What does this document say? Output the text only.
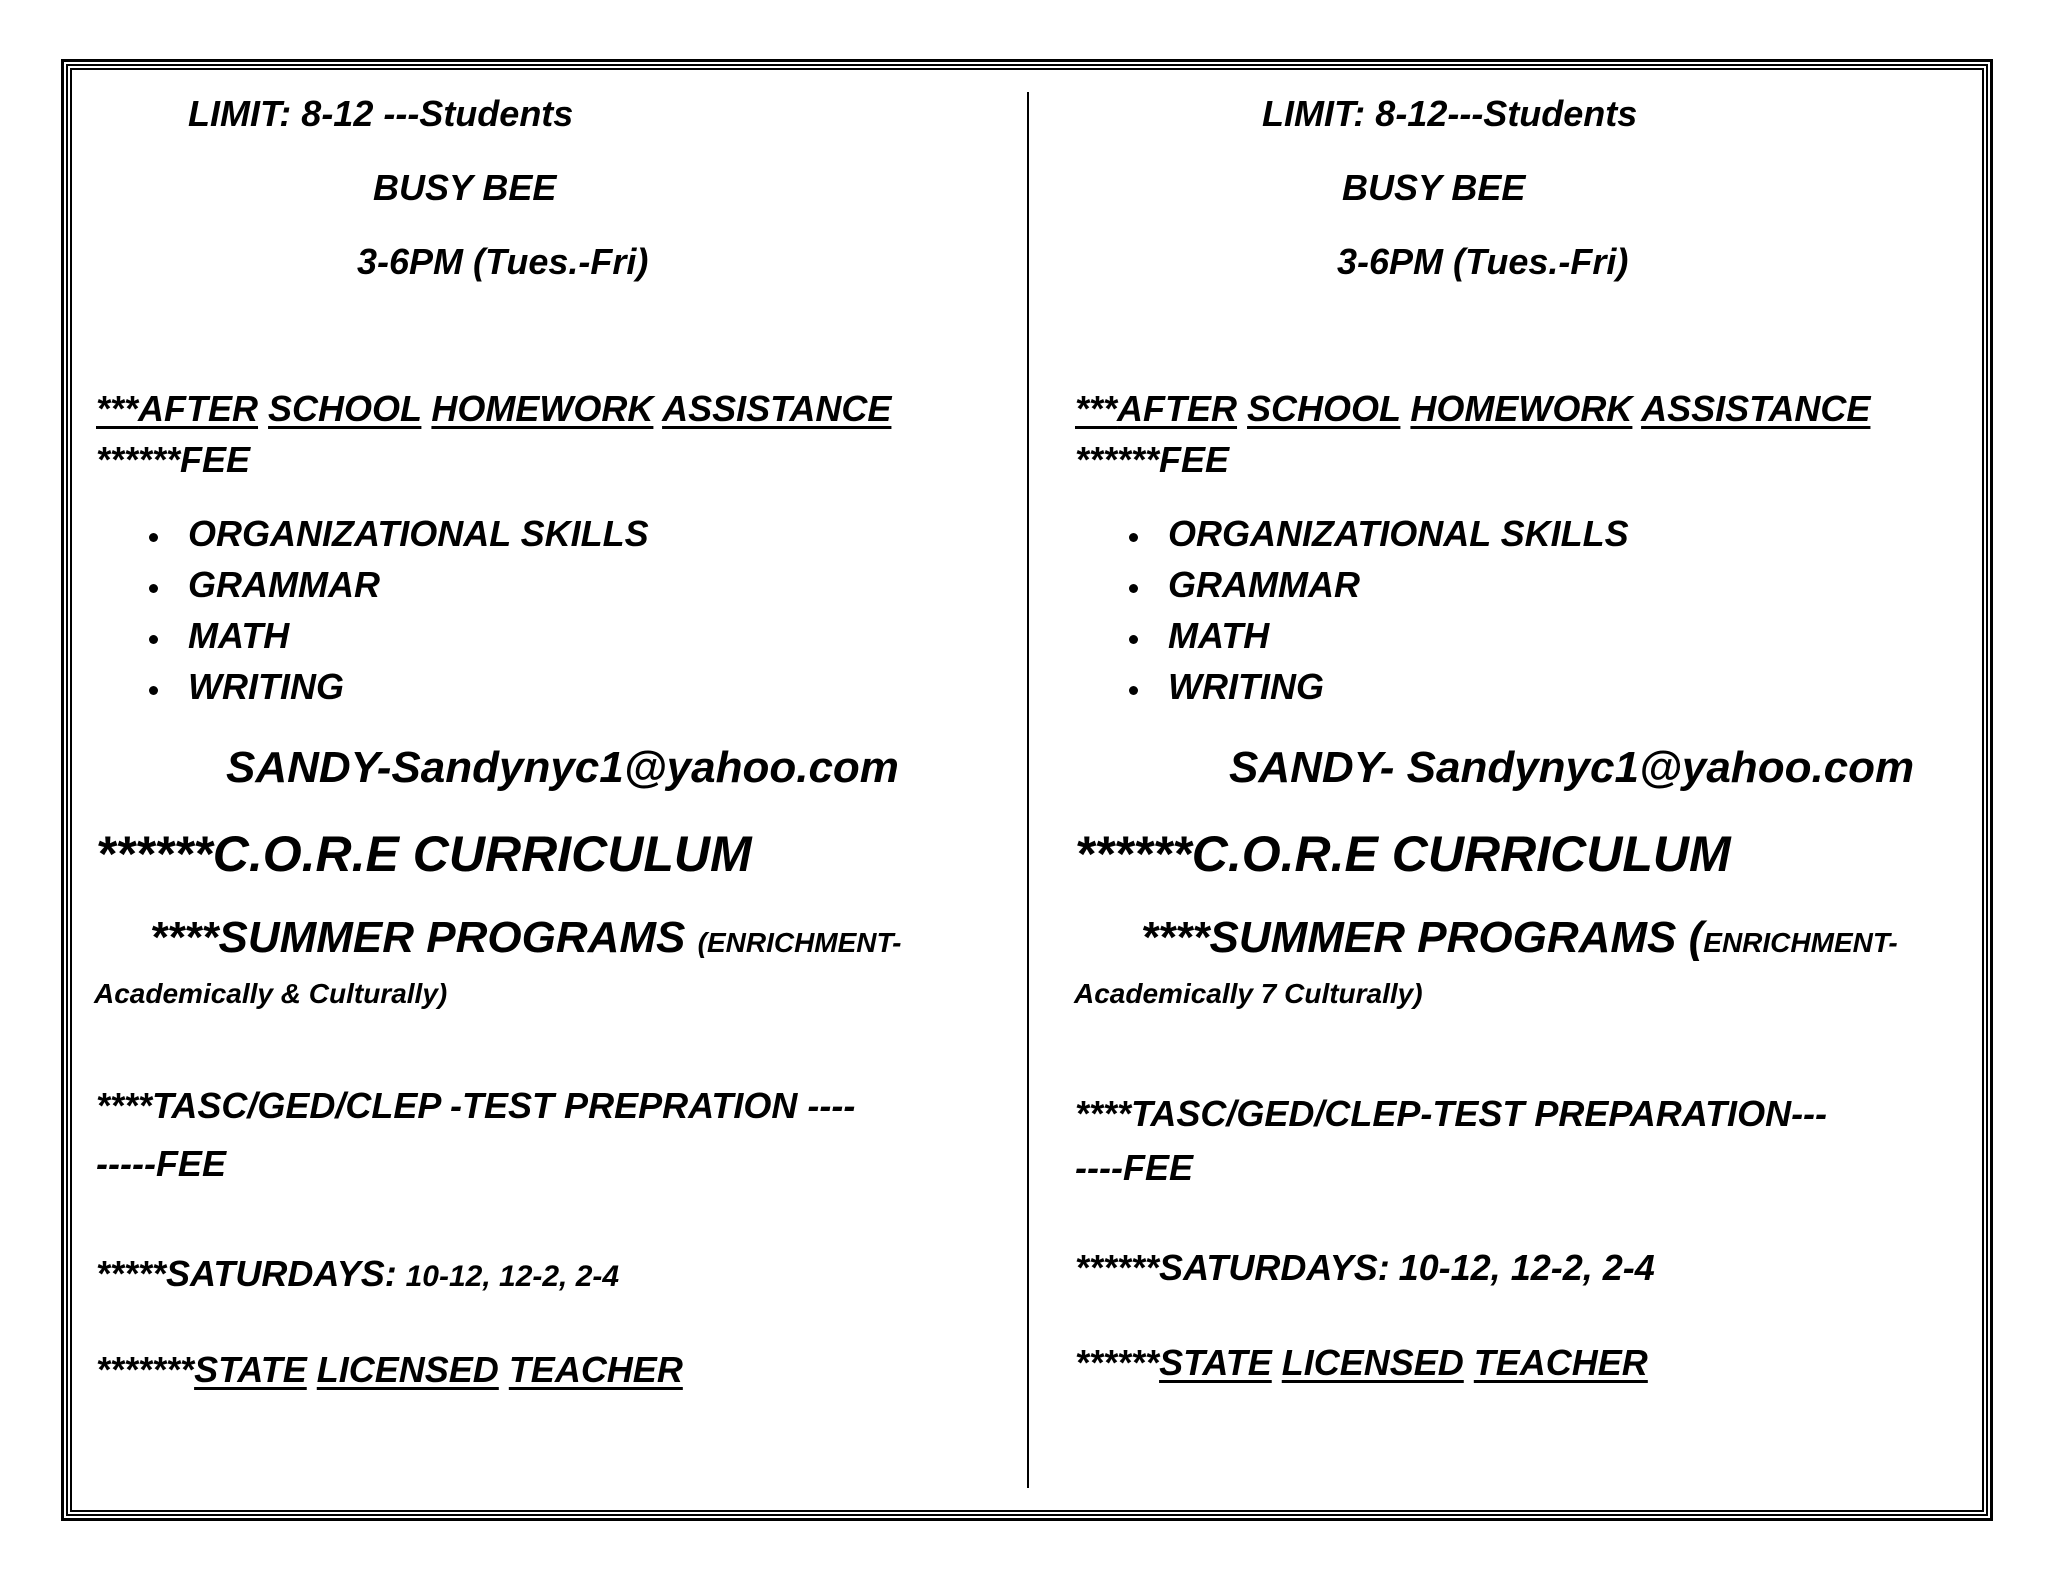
LIMIT: 8-12 ---Students
BUSY BEE
3-6PM (Tues.-Fri)
***AFTER SCHOOL HOMEWORK ASSISTANCE
******FEE
ORGANIZATIONAL SKILLS
GRAMMAR
MATH
WRITING
SANDY-Sandynyc1@yahoo.com
******C.O.R.E CURRICULUM
****SUMMER PROGRAMS (ENRICHMENT-
Academically & Culturally)
****TASC/GED/CLEP -TEST PREPRATION ----
-----FEE
*****SATURDAYS: 10-12, 12-2, 2-4
*******STATE LICENSED TEACHER
LIMIT: 8-12---Students
BUSY BEE
3-6PM (Tues.-Fri)
***AFTER SCHOOL HOMEWORK ASSISTANCE
******FEE
ORGANIZATIONAL SKILLS
GRAMMAR
MATH
WRITING
SANDY- Sandynyc1@yahoo.com
******C.O.R.E CURRICULUM
****SUMMER PROGRAMS (ENRICHMENT-
Academically 7 Culturally)
****TASC/GED/CLEP-TEST PREPARATION---
----FEE
******SATURDAYS: 10-12, 12-2, 2-4
******STATE LICENSED TEACHER
